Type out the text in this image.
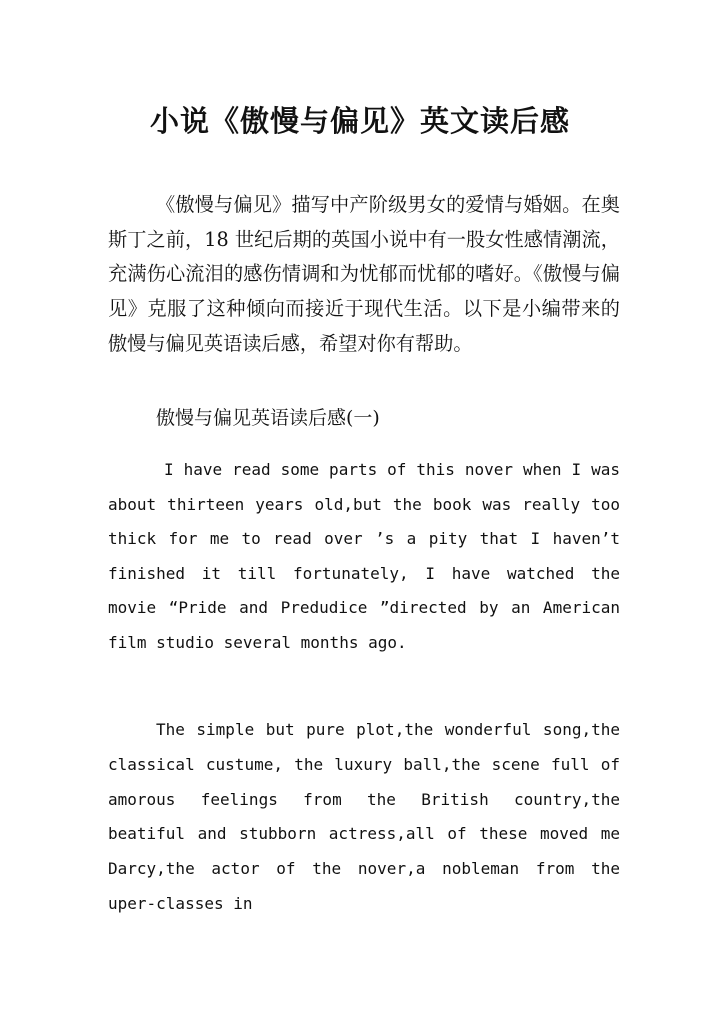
小说《傲慢与偏见》英文读后感

《傲慢与偏见》描写中产阶级男女的爱情与婚姻。在奥斯丁之前，18 世纪后期的英国小说中有一股女性感情潮流，充满伤心流泪的感伤情调和为忧郁而忧郁的嗜好。《傲慢与偏见》克服了这种倾向而接近于现代生活。以下是小编带来的傲慢与偏见英语读后感，希望对你有帮助。

傲慢与偏见英语读后感(一)

I have read some parts of this nover when I was about thirteen years old,but the book was really too thick for me to read over ’s a pity that I haven’t finished it till fortunately, I have watched the movie “Pride and Predudice ”directed by an American film studio several months ago.

The simple but pure plot,the wonderful song,the classical custume, the luxury ball,the scene full of amorous feelings from the British country,the beatiful and stubborn actress,all of these moved me Darcy,the actor of the nover,a nobleman from the uper-classes in
